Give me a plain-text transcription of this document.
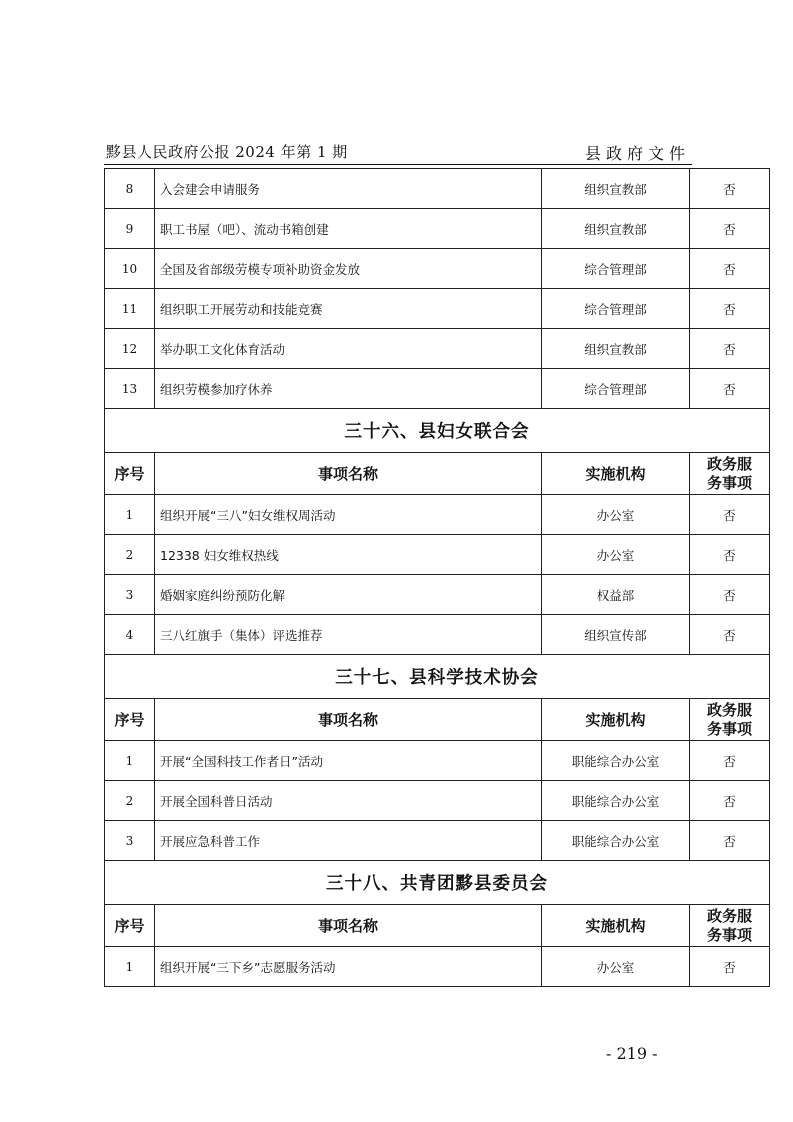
黟县人民政府公报 2024 年第 1 期	县政府文件
8	入会建会申请服务	组织宣教部	否
9	职工书屋（吧）、流动书箱创建	组织宣教部	否
10	全国及省部级劳模专项补助资金发放	综合管理部	否
11	组织职工开展劳动和技能竞赛	综合管理部	否
12	举办职工文化体育活动	组织宣教部	否
13	组织劳模参加疗休养	综合管理部	否
三十六、县妇女联合会			
序号	事项名称	实施机构	政务服
务事项
1	组织开展“三八”妇女维权周活动	办公室	否
2	12338 妇女维权热线	办公室	否
3	婚姻家庭纠纷预防化解	权益部	否
4	三八红旗手（集体）评选推荐	组织宣传部	否
三十七、县科学技术协会			
序号	事项名称	实施机构	政务服
务事项
1	开展“全国科技工作者日”活动	职能综合办公室	否
2	开展全国科普日活动	职能综合办公室	否
3	开展应急科普工作	职能综合办公室	否
三十八、共青团黟县委员会			
序号	事项名称	实施机构	政务服
务事项
1	组织开展“三下乡”志愿服务活动	办公室	否
- 219 -
